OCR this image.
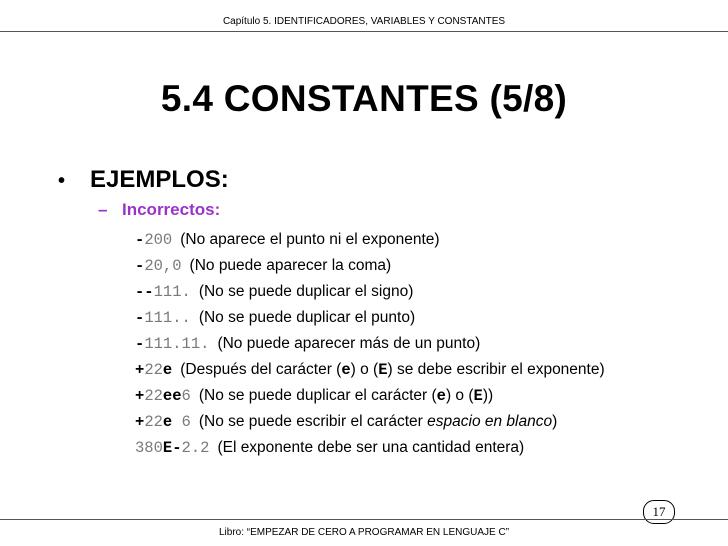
Capítulo 5. IDENTIFICADORES, VARIABLES Y CONSTANTES
5.4 CONSTANTES (5/8)
•	EJEMPLOS:
– Incorrectos:
-200 (No aparece el punto ni el exponente)
-20,0 (No puede aparecer la coma)
--111. (No se puede duplicar el signo)
-111.. (No se puede duplicar el punto)
-111.11. (No puede aparecer más de un punto)
+22e (Después del carácter (e) o (E) se debe escribir el exponente)
+22ee6 (No se puede duplicar el carácter (e) o (E))
+22e 6 (No se puede escribir el carácter espacio en blanco)
380E-2.2 (El exponente debe ser una cantidad entera)
17
Libro: “EMPEZAR DE CERO A PROGRAMAR EN LENGUAJE C”
